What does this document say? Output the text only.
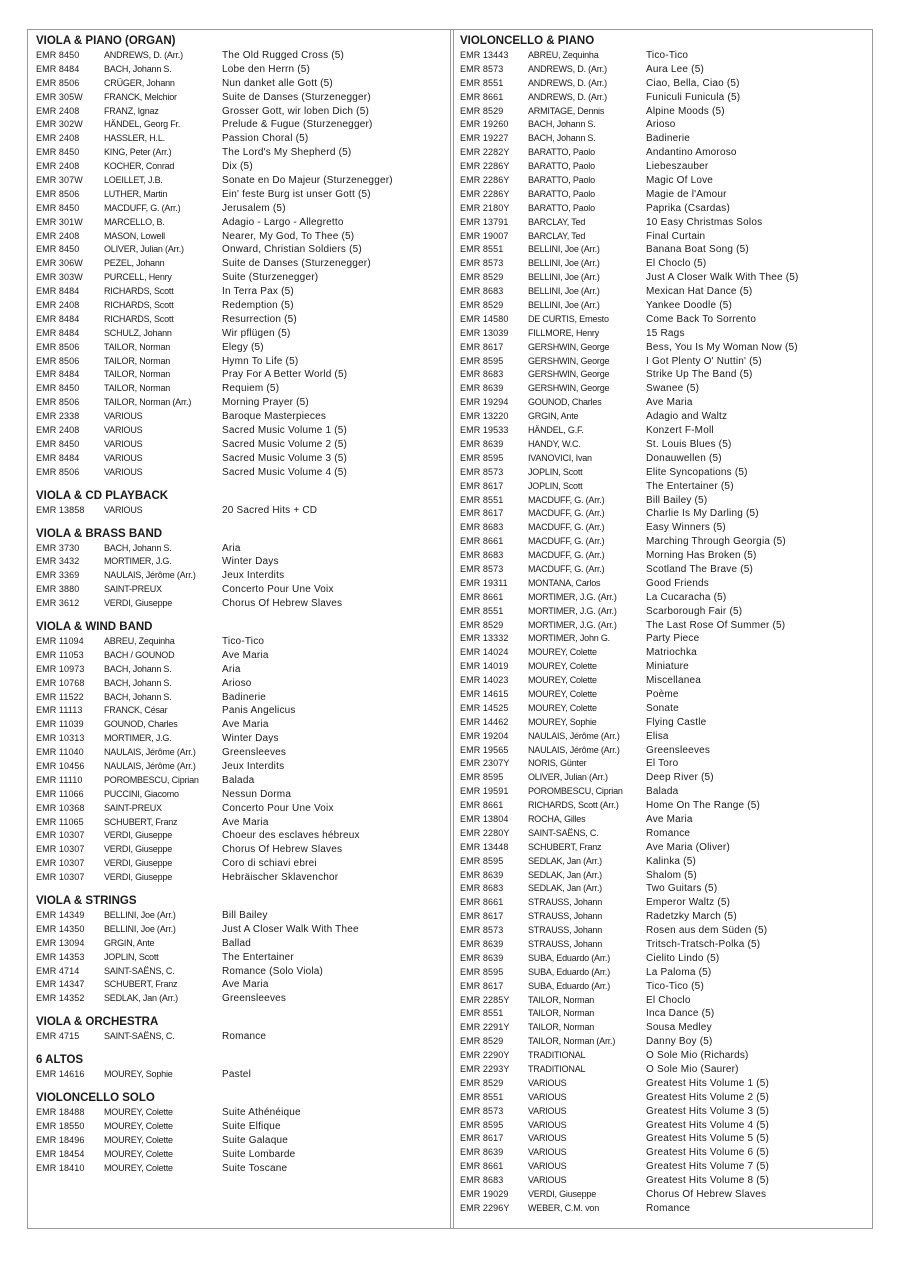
VIOLA & PIANO (ORGAN)
EMR 8450	ANDREWS, D. (Arr.)	The Old Rugged Cross (5)
EMR 8484	BACH, Johann S.	Lobe den Herrn (5)
EMR 8506	CRÜGER, Johann	Nun danket alle Gott (5)
EMR 305W	FRANCK, Melchior	Suite de Danses (Sturzenegger)
EMR 2408	FRANZ, Ignaz	Grosser Gott, wir loben Dich (5)
EMR 302W	HÄNDEL, Georg Fr.	Prelude & Fugue (Sturzenegger)
EMR 2408	HASSLER, H.L.	Passion Choral (5)
EMR 8450	KING, Peter (Arr.)	The Lord's My Shepherd (5)
EMR 2408	KOCHER, Conrad	Dix (5)
EMR 307W	LOEILLET, J.B.	Sonate en Do Majeur (Sturzenegger)
EMR 8506	LUTHER, Martin	Ein' feste Burg ist unser Gott (5)
EMR 8450	MACDUFF, G. (Arr.)	Jerusalem (5)
EMR 301W	MARCELLO, B.	Adagio - Largo - Allegretto
EMR 2408	MASON, Lowell	Nearer, My God, To Thee (5)
EMR 8450	OLIVER, Julian (Arr.)	Onward, Christian Soldiers (5)
EMR 306W	PEZEL, Johann	Suite de Danses (Sturzenegger)
EMR 303W	PURCELL, Henry	Suite (Sturzenegger)
EMR 8484	RICHARDS, Scott	In Terra Pax (5)
EMR 2408	RICHARDS, Scott	Redemption (5)
EMR 8484	RICHARDS, Scott	Resurrection (5)
EMR 8484	SCHULZ, Johann	Wir pflügen (5)
EMR 8506	TAILOR, Norman	Elegy (5)
EMR 8506	TAILOR, Norman	Hymn To Life (5)
EMR 8484	TAILOR, Norman	Pray For A Better World (5)
EMR 8450	TAILOR, Norman	Requiem (5)
EMR 8506	TAILOR, Norman (Arr.)	Morning Prayer (5)
EMR 2338	VARIOUS	Baroque Masterpieces
EMR 2408	VARIOUS	Sacred Music Volume 1 (5)
EMR 8450	VARIOUS	Sacred Music Volume 2 (5)
EMR 8484	VARIOUS	Sacred Music Volume 3 (5)
EMR 8506	VARIOUS	Sacred Music Volume 4 (5)
VIOLA & CD PLAYBACK
EMR 13858	VARIOUS	20 Sacred Hits + CD
VIOLA & BRASS BAND
EMR 3730	BACH, Johann S.	Aria
EMR 3432	MORTIMER, J.G.	Winter Days
EMR 3369	NAULAIS, Jérôme (Arr.)	Jeux Interdits
EMR 3880	SAINT-PREUX	Concerto Pour Une Voix
EMR 3612	VERDI, Giuseppe	Chorus Of Hebrew Slaves
VIOLA & WIND BAND
EMR 11094	ABREU, Zequinha	Tico-Tico
EMR 11053	BACH / GOUNOD	Ave Maria
EMR 10973	BACH, Johann S.	Aria
EMR 10768	BACH, Johann S.	Arioso
EMR 11522	BACH, Johann S.	Badinerie
EMR 11113	FRANCK, César	Panis Angelicus
EMR 11039	GOUNOD, Charles	Ave Maria
EMR 10313	MORTIMER, J.G.	Winter Days
EMR 11040	NAULAIS, Jérôme (Arr.)	Greensleeves
EMR 10456	NAULAIS, Jérôme (Arr.)	Jeux Interdits
EMR 11110	POROMBESCU, Ciprian	Balada
EMR 11066	PUCCINI, Giacomo	Nessun Dorma
EMR 10368	SAINT-PREUX	Concerto Pour Une Voix
EMR 11065	SCHUBERT, Franz	Ave Maria
EMR 10307	VERDI, Giuseppe	Choeur des esclaves hébreux
EMR 10307	VERDI, Giuseppe	Chorus Of Hebrew Slaves
EMR 10307	VERDI, Giuseppe	Coro di schiavi ebrei
EMR 10307	VERDI, Giuseppe	Hebräischer Sklavenchor
VIOLA & STRINGS
EMR 14349	BELLINI, Joe (Arr.)	Bill Bailey
EMR 14350	BELLINI, Joe (Arr.)	Just A Closer Walk With Thee
EMR 13094	GRGIN, Ante	Ballad
EMR 14353	JOPLIN, Scott	The Entertainer
EMR 4714	SAINT-SAËNS, C.	Romance (Solo Viola)
EMR 14347	SCHUBERT, Franz	Ave Maria
EMR 14352	SEDLAK, Jan (Arr.)	Greensleeves
VIOLA & ORCHESTRA
EMR 4715	SAINT-SAËNS, C.	Romance
6 ALTOS
EMR 14616	MOUREY, Sophie	Pastel
VIOLONCELLO SOLO
EMR 18488	MOUREY, Colette	Suite Athénéique
EMR 18550	MOUREY, Colette	Suite Elfique
EMR 18496	MOUREY, Colette	Suite Galaque
EMR 18454	MOUREY, Colette	Suite Lombarde
EMR 18410	MOUREY, Colette	Suite Toscane
VIOLONCELLO & PIANO
EMR 13443	ABREU, Zequinha	Tico-Tico
EMR 8573	ANDREWS, D. (Arr.)	Aura Lee (5)
EMR 8551	ANDREWS, D. (Arr.)	Ciao, Bella, Ciao (5)
EMR 8661	ANDREWS, D. (Arr.)	Funiculi Funicula (5)
EMR 8529	ARMITAGE, Dennis	Alpine Moods (5)
EMR 19260	BACH, Johann S.	Arioso
EMR 19227	BACH, Johann S.	Badinerie
EMR 2282Y	BARATTO, Paolo	Andantino Amoroso
EMR 2286Y	BARATTO, Paolo	Liebeszauber
EMR 2286Y	BARATTO, Paolo	Magic Of Love
EMR 2286Y	BARATTO, Paolo	Magie de l'Amour
EMR 2180Y	BARATTO, Paolo	Paprika (Csardas)
EMR 13791	BARCLAY, Ted	10 Easy Christmas Solos
EMR 19007	BARCLAY, Ted	Final Curtain
EMR 8551	BELLINI, Joe (Arr.)	Banana Boat Song (5)
EMR 8573	BELLINI, Joe (Arr.)	El Choclo (5)
EMR 8529	BELLINI, Joe (Arr.)	Just A Closer Walk With Thee (5)
EMR 8683	BELLINI, Joe (Arr.)	Mexican Hat Dance (5)
EMR 8529	BELLINI, Joe (Arr.)	Yankee Doodle (5)
EMR 14580	DE CURTIS, Ernesto	Come Back To Sorrento
EMR 13039	FILLMORE, Henry	15 Rags
EMR 8617	GERSHWIN, George	Bess, You Is My Woman Now (5)
EMR 8595	GERSHWIN, George	I Got Plenty O' Nuttin' (5)
EMR 8683	GERSHWIN, George	Strike Up The Band (5)
EMR 8639	GERSHWIN, George	Swanee (5)
EMR 19294	GOUNOD, Charles	Ave Maria
EMR 13220	GRGIN, Ante	Adagio and Waltz
EMR 19533	HÄNDEL, G.F.	Konzert F-Moll
EMR 8639	HANDY, W.C.	St. Louis Blues (5)
EMR 8595	IVANOVICI, Ivan	Donauwellen (5)
EMR 8573	JOPLIN, Scott	Elite Syncopations (5)
EMR 8617	JOPLIN, Scott	The Entertainer (5)
EMR 8551	MACDUFF, G. (Arr.)	Bill Bailey (5)
EMR 8617	MACDUFF, G. (Arr.)	Charlie Is My Darling (5)
EMR 8683	MACDUFF, G. (Arr.)	Easy Winners (5)
EMR 8661	MACDUFF, G. (Arr.)	Marching Through Georgia (5)
EMR 8683	MACDUFF, G. (Arr.)	Morning Has Broken (5)
EMR 8573	MACDUFF, G. (Arr.)	Scotland The Brave (5)
EMR 19311	MONTANA, Carlos	Good Friends
EMR 8661	MORTIMER, J.G. (Arr.)	La Cucaracha (5)
EMR 8551	MORTIMER, J.G. (Arr.)	Scarborough Fair (5)
EMR 8529	MORTIMER, J.G. (Arr.)	The Last Rose Of Summer (5)
EMR 13332	MORTIMER, John G.	Party Piece
EMR 14024	MOUREY, Colette	Matriochka
EMR 14019	MOUREY, Colette	Miniature
EMR 14023	MOUREY, Colette	Miscellanea
EMR 14615	MOUREY, Colette	Poème
EMR 14525	MOUREY, Colette	Sonate
EMR 14462	MOUREY, Sophie	Flying Castle
EMR 19204	NAULAIS, Jérôme (Arr.)	Elisa
EMR 19565	NAULAIS, Jérôme (Arr.)	Greensleeves
EMR 2307Y	NORIS, Günter	El Toro
EMR 8595	OLIVER, Julian (Arr.)	Deep River (5)
EMR 19591	POROMBESCU, Ciprian	Balada
EMR 8661	RICHARDS, Scott (Arr.)	Home On The Range (5)
EMR 13804	ROCHA, Gilles	Ave Maria
EMR 2280Y	SAINT-SAËNS, C.	Romance
EMR 13448	SCHUBERT, Franz	Ave Maria (Oliver)
EMR 8595	SEDLAK, Jan (Arr.)	Kalinka (5)
EMR 8639	SEDLAK, Jan (Arr.)	Shalom (5)
EMR 8683	SEDLAK, Jan (Arr.)	Two Guitars (5)
EMR 8661	STRAUSS, Johann	Emperor Waltz (5)
EMR 8617	STRAUSS, Johann	Radetzky March (5)
EMR 8573	STRAUSS, Johann	Rosen aus dem Süden (5)
EMR 8639	STRAUSS, Johann	Tritsch-Tratsch-Polka (5)
EMR 8639	SUBA, Eduardo (Arr.)	Cielito Lindo (5)
EMR 8595	SUBA, Eduardo (Arr.)	La Paloma (5)
EMR 8617	SUBA, Eduardo (Arr.)	Tico-Tico (5)
EMR 2285Y	TAILOR, Norman	El Choclo
EMR 8551	TAILOR, Norman	Inca Dance (5)
EMR 2291Y	TAILOR, Norman	Sousa Medley
EMR 8529	TAILOR, Norman (Arr.)	Danny Boy (5)
EMR 2290Y	TRADITIONAL	O Sole Mio (Richards)
EMR 2293Y	TRADITIONAL	O Sole Mio (Saurer)
EMR 8529	VARIOUS	Greatest Hits Volume 1 (5)
EMR 8551	VARIOUS	Greatest Hits Volume 2 (5)
EMR 8573	VARIOUS	Greatest Hits Volume 3 (5)
EMR 8595	VARIOUS	Greatest Hits Volume 4 (5)
EMR 8617	VARIOUS	Greatest Hits Volume 5 (5)
EMR 8639	VARIOUS	Greatest Hits Volume 6 (5)
EMR 8661	VARIOUS	Greatest Hits Volume 7 (5)
EMR 8683	VARIOUS	Greatest Hits Volume 8 (5)
EMR 19029	VERDI, Giuseppe	Chorus Of Hebrew Slaves
EMR 2296Y	WEBER, C.M. von	Romance
